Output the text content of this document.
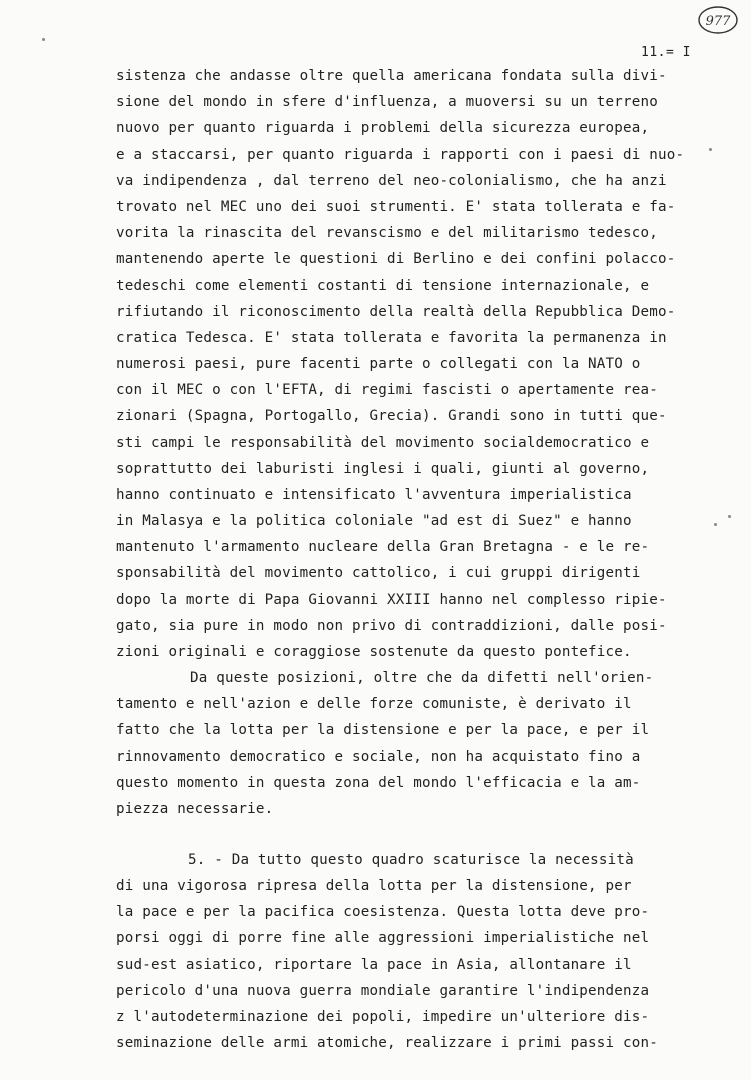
977
11.= I
sistenza che andasse oltre quella americana fondata sulla divi-
sione del mondo in sfere d'influenza, a muoversi su un terreno
nuovo per quanto riguarda i problemi della sicurezza europea,
e a staccarsi, per quanto riguarda i rapporti con i paesi di nuo-
va indipendenza , dal terreno del neo-colonialismo, che ha anzi
trovato nel MEC uno dei suoi strumenti. E' stata tollerata e fa-
vorita la rinascita del revanscismo e del militarismo tedesco,
mantenendo aperte le questioni di Berlino e dei confini polacco-
tedeschi come elementi costanti di tensione internazionale, e
rifiutando il riconoscimento della realtà della Repubblica Demo-
cratica Tedesca. E' stata tollerata e favorita la permanenza in
numerosi paesi, pure facenti parte o collegati con la NATO o
con il MEC o con l'EFTA, di regimi fascisti o apertamente rea-
zionari (Spagna, Portogallo, Grecia). Grandi sono in tutti que-
sti campi le responsabilità del movimento socialdemocratico e
soprattutto dei laburisti inglesi i quali, giunti al governo,
hanno continuato e intensificato l'avventura imperialistica
in Malasya e la politica coloniale "ad est di Suez" e hanno
mantenuto l'armamento nucleare della Gran Bretagna - e le re-
sponsabilità del movimento cattolico, i cui gruppi dirigenti
dopo la morte di Papa Giovanni XXIII hanno nel complesso ripie-
gato, sia pure in modo non privo di contraddizioni, dalle posi-
zioni originali e coraggiose sostenute da questo pontefice.
Da queste posizioni, oltre che da difetti nell'orien-
tamento e nell'azion e delle forze comuniste, è derivato il
fatto che la lotta per la distensione e per la pace, e per il
rinnovamento democratico e sociale, non ha acquistato fino a
questo momento in questa zona del mondo l'efficacia e la am-
piezza necessarie.
5. - Da tutto questo quadro scaturisce la necessità
di una vigorosa ripresa della lotta per la distensione, per
la pace e per la pacifica coesistenza. Questa lotta deve pro-
porsi oggi di porre fine alle aggressioni imperialistiche nel
sud-est asiatico, riportare la pace in Asia, allontanare il
pericolo d'una nuova guerra mondiale garantire l'indipendenza
z l'autodeterminazione dei popoli, impedire un'ulteriore dis-
seminazione delle armi atomiche, realizzare i primi passi con-
